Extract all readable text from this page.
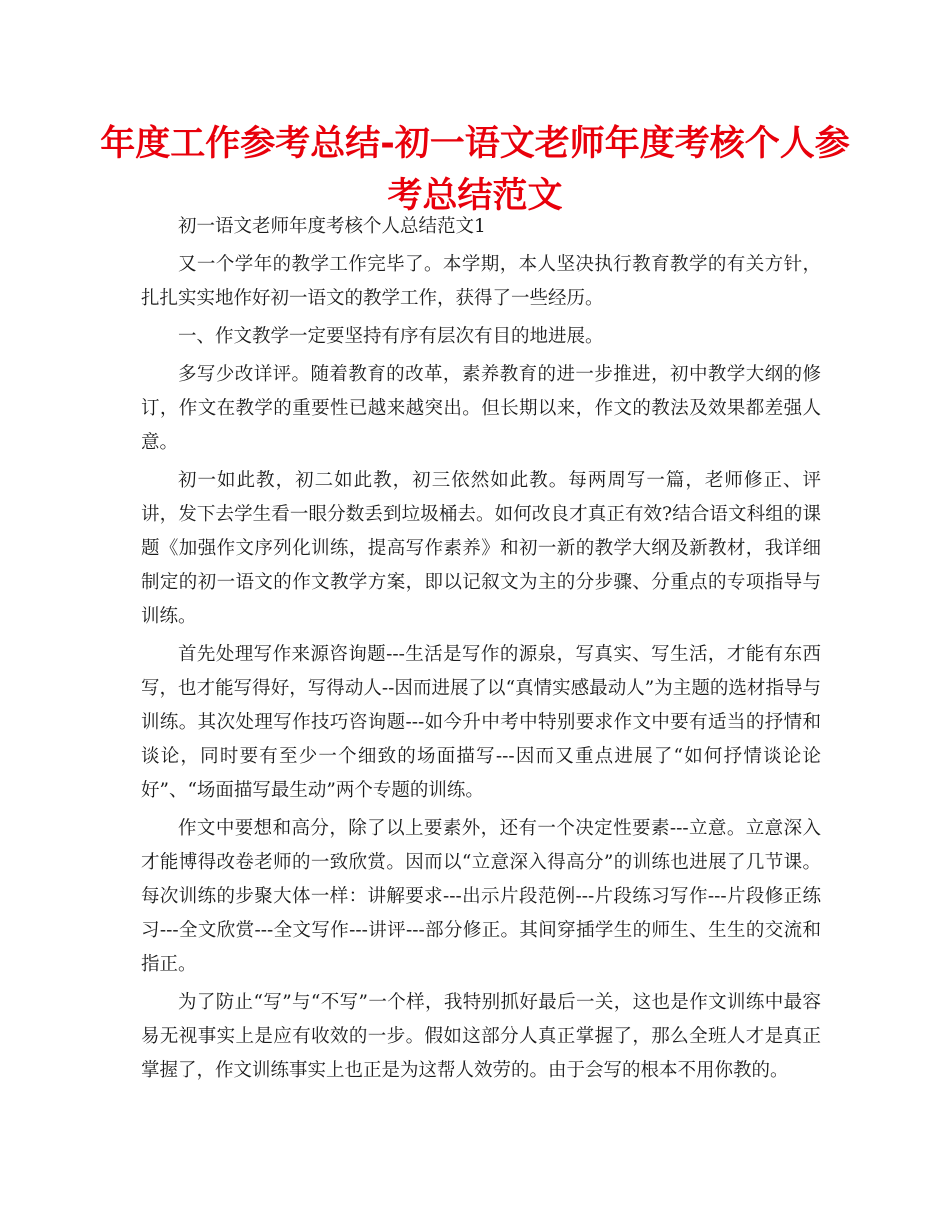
年度工作参考总结-初一语文老师年度考核个人参考总结范文

初一语文老师年度考核个人总结范文1

又一个学年的教学工作完毕了。本学期，本人坚决执行教育教学的有关方针，扎扎实实地作好初一语文的教学工作，获得了一些经历。

一、作文教学一定要坚持有序有层次有目的地进展。

多写少改详评。随着教育的改革，素养教育的进一步推进，初中教学大纲的修订，作文在教学的重要性已越来越突出。但长期以来，作文的教法及效果都差强人意。

初一如此教，初二如此教，初三依然如此教。每两周写一篇，老师修正、评讲，发下去学生看一眼分数丢到垃圾桶去。如何改良才真正有效?结合语文科组的课题《加强作文序列化训练，提高写作素养》和初一新的教学大纲及新教材，我详细制定的初一语文的作文教学方案，即以记叙文为主的分步骤、分重点的专项指导与训练。

首先处理写作来源咨询题---生活是写作的源泉，写真实、写生活，才能有东西写，也才能写得好，写得动人--因而进展了以“真情实感最动人”为主题的选材指导与训练。其次处理写作技巧咨询题---如今升中考中特别要求作文中要有适当的抒情和谈论，同时要有至少一个细致的场面描写---因而又重点进展了“如何抒情谈论论好”、“场面描写最生动”两个专题的训练。

作文中要想和高分，除了以上要素外，还有一个决定性要素---立意。立意深入才能博得改卷老师的一致欣赏。因而以“立意深入得高分”的训练也进展了几节课。每次训练的步聚大体一样：讲解要求---出示片段范例---片段练习写作---片段修正练习---全文欣赏---全文写作---讲评---部分修正。其间穿插学生的师生、生生的交流和指正。

为了防止“写”与“不写”一个样，我特别抓好最后一关，这也是作文训练中最容易无视事实上是应有收效的一步。假如这部分人真正掌握了，那么全班人才是真正掌握了，作文训练事实上也正是为这帮人效劳的。由于会写的根本不用你教的。
